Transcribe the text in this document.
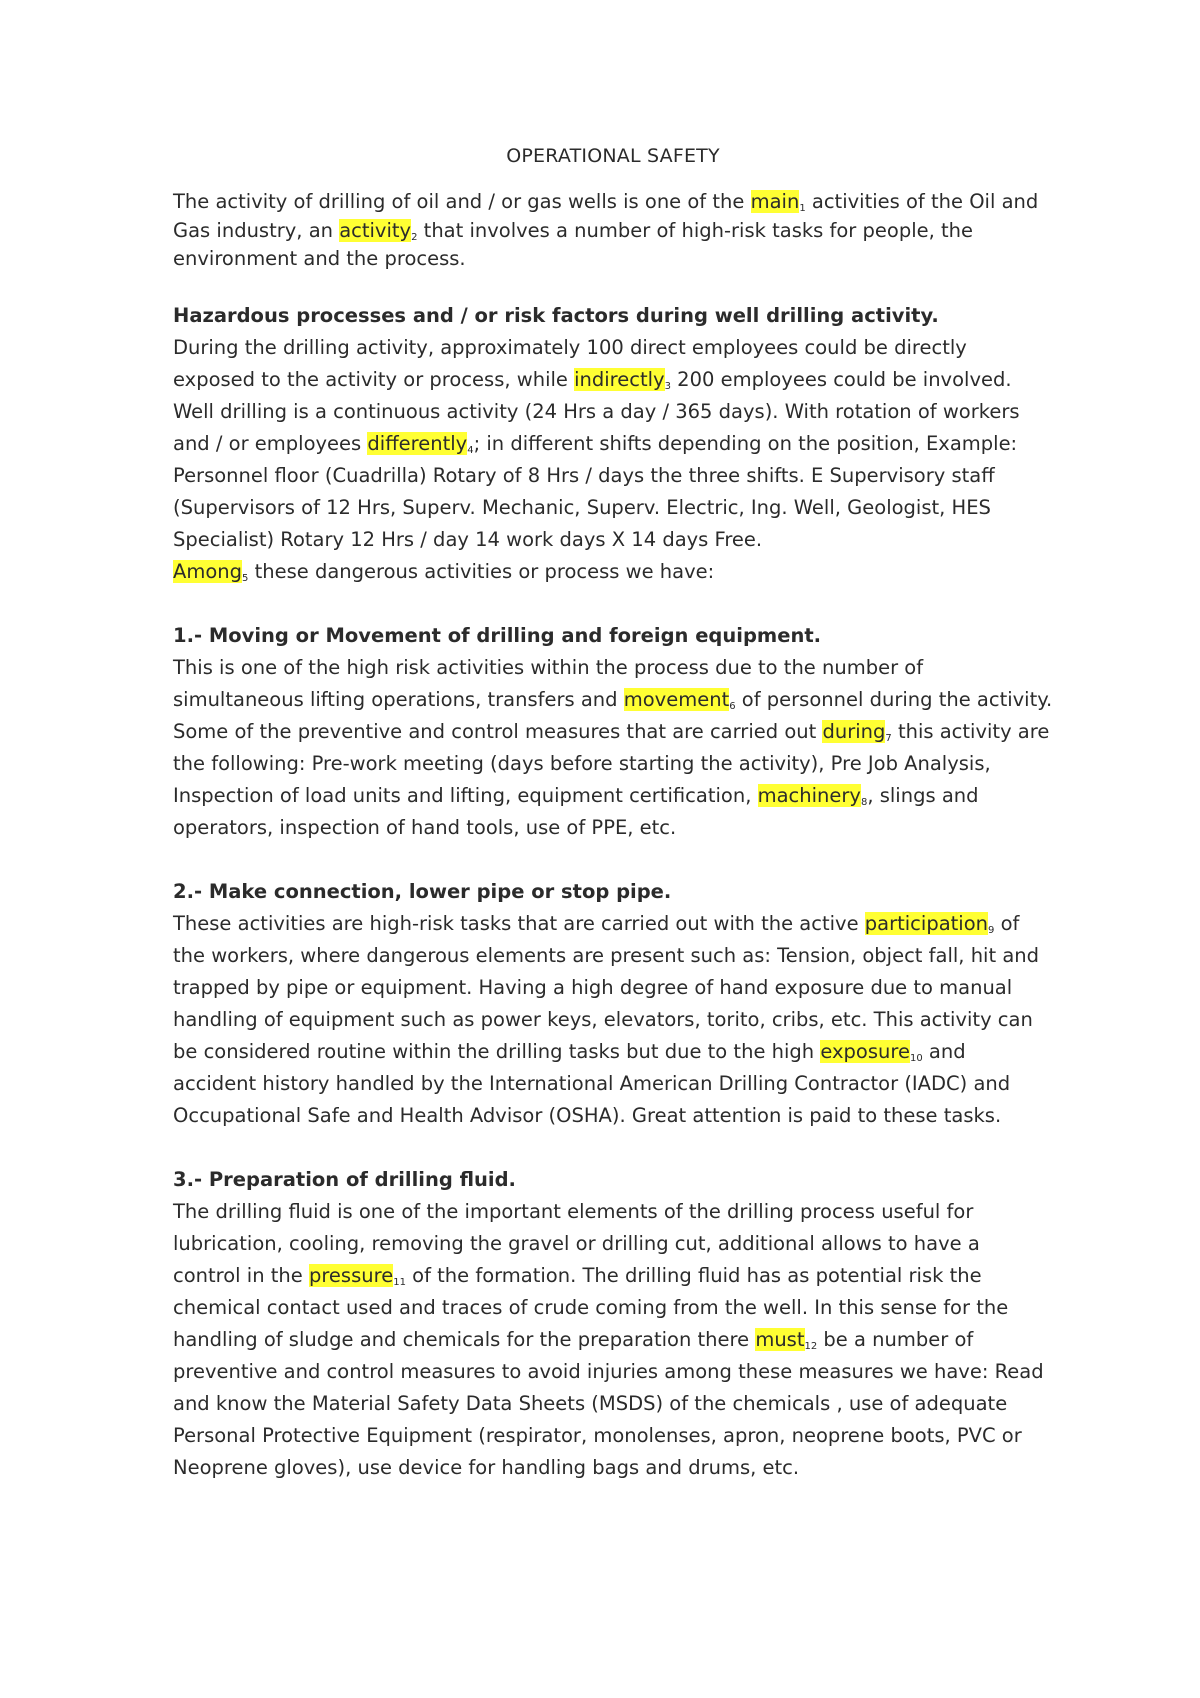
OPERATIONAL SAFETY

The activity of drilling of oil and / or gas wells is one of the main$_1$ activities of the Oil and Gas industry, an activity$_2$ that involves a number of high-risk tasks for people, the environment and the process.

Hazardous processes and / or risk factors during well drilling activity.

During the drilling activity, approximately 100 direct employees could be directly exposed to the activity or process, while indirectly$_3$ 200 employees could be involved. Well drilling is a continuous activity (24 Hrs a day / 365 days). With rotation of workers and / or employees differently$_4$; in different shifts depending on the position, Example: Personnel floor (Cuadrilla) Rotary of 8 Hrs / days the three shifts. E Supervisory staff (Supervisors of 12 Hrs, Superv. Mechanic, Superv. Electric, Ing. Well, Geologist, HES Specialist) Rotary 12 Hrs / day 14 work days X 14 days Free.
Among$_5$ these dangerous activities or process we have:

1.- Moving or Movement of drilling and foreign equipment.

This is one of the high risk activities within the process due to the number of simultaneous lifting operations, transfers and movement$_6$ of personnel during the activity. Some of the preventive and control measures that are carried out during$_7$ this activity are the following: Pre-work meeting (days before starting the activity), Pre Job Analysis, Inspection of load units and lifting, equipment certification, machinery$_8$, slings and operators, inspection of hand tools, use of PPE, etc.

2.- Make connection, lower pipe or stop pipe.

These activities are high-risk tasks that are carried out with the active participation$_9$ of the workers, where dangerous elements are present such as: Tension, object fall, hit and trapped by pipe or equipment. Having a high degree of hand exposure due to manual handling of equipment such as power keys, elevators, torito, cribs, etc. This activity can be considered routine within the drilling tasks but due to the high exposure$_{10}$ and accident history handled by the International American Drilling Contractor (IADC) and Occupational Safe and Health Advisor (OSHA). Great attention is paid to these tasks.

3.- Preparation of drilling fluid.

The drilling fluid is one of the important elements of the drilling process useful for lubrication, cooling, removing the gravel or drilling cut, additional allows to have a control in the pressure$_{11}$ of the formation. The drilling fluid has as potential risk the chemical contact used and traces of crude coming from the well. In this sense for the handling of sludge and chemicals for the preparation there must$_{12}$ be a number of preventive and control measures to avoid injuries among these measures we have: Read and know the Material Safety Data Sheets (MSDS) of the chemicals , use of adequate Personal Protective Equipment (respirator, monolenses, apron, neoprene boots, PVC or Neoprene gloves), use device for handling bags and drums, etc.
